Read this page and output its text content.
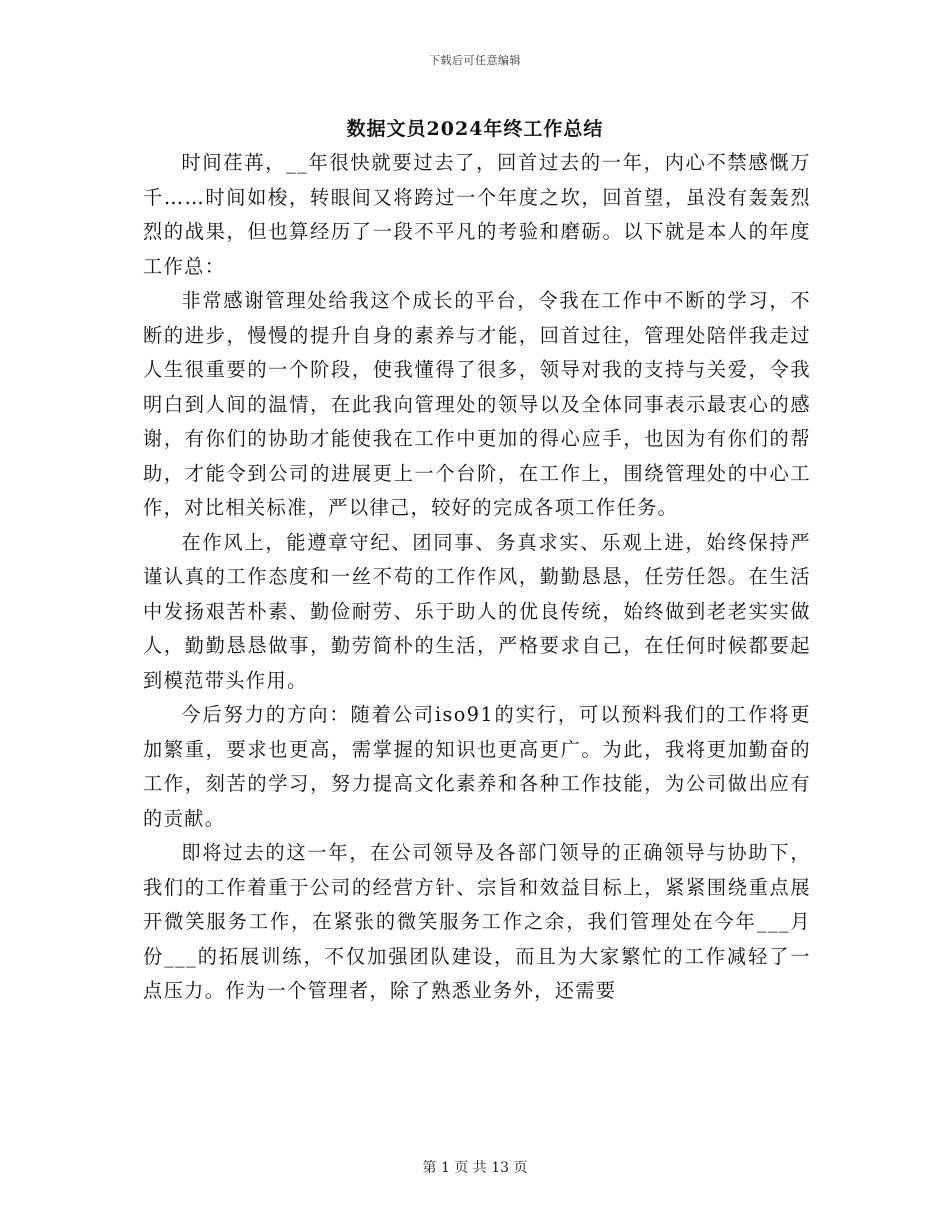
下载后可任意编辑
数据文员2024年终工作总结

时间荏苒，__年很快就要过去了，回首过去的一年，内心不禁感慨万千……时间如梭，转眼间又将跨过一个年度之坎，回首望，虽没有轰轰烈烈的战果，但也算经历了一段不平凡的考验和磨砺。以下就是本人的年度工作总：

非常感谢管理处给我这个成长的平台，令我在工作中不断的学习，不断的进步，慢慢的提升自身的素养与才能，回首过往，管理处陪伴我走过人生很重要的一个阶段，使我懂得了很多，领导对我的支持与关爱，令我明白到人间的温情，在此我向管理处的领导以及全体同事表示最衷心的感谢，有你们的协助才能使我在工作中更加的得心应手，也因为有你们的帮助，才能令到公司的进展更上一个台阶，在工作上，围绕管理处的中心工作，对比相关标准，严以律己，较好的完成各项工作任务。

在作风上，能遵章守纪、团同事、务真求实、乐观上进，始终保持严谨认真的工作态度和一丝不苟的工作作风，勤勤恳恳，任劳任怨。在生活中发扬艰苦朴素、勤俭耐劳、乐于助人的优良传统，始终做到老老实实做人，勤勤恳恳做事，勤劳简朴的生活，严格要求自己，在任何时候都要起到模范带头作用。

今后努力的方向：随着公司iso91的实行，可以预料我们的工作将更加繁重，要求也更高，需掌握的知识也更高更广。为此，我将更加勤奋的工作，刻苦的学习，努力提高文化素养和各种工作技能，为公司做出应有的贡献。

即将过去的这一年，在公司领导及各部门领导的正确领导与协助下，我们的工作着重于公司的经营方针、宗旨和效益目标上，紧紧围绕重点展开微笑服务工作，在紧张的微笑服务工作之余，我们管理处在今年___月份___的拓展训练，不仅加强团队建设，而且为大家繁忙的工作减轻了一点压力。作为一个管理者，除了熟悉业务外，还需要

第 1 页 共 13 页
